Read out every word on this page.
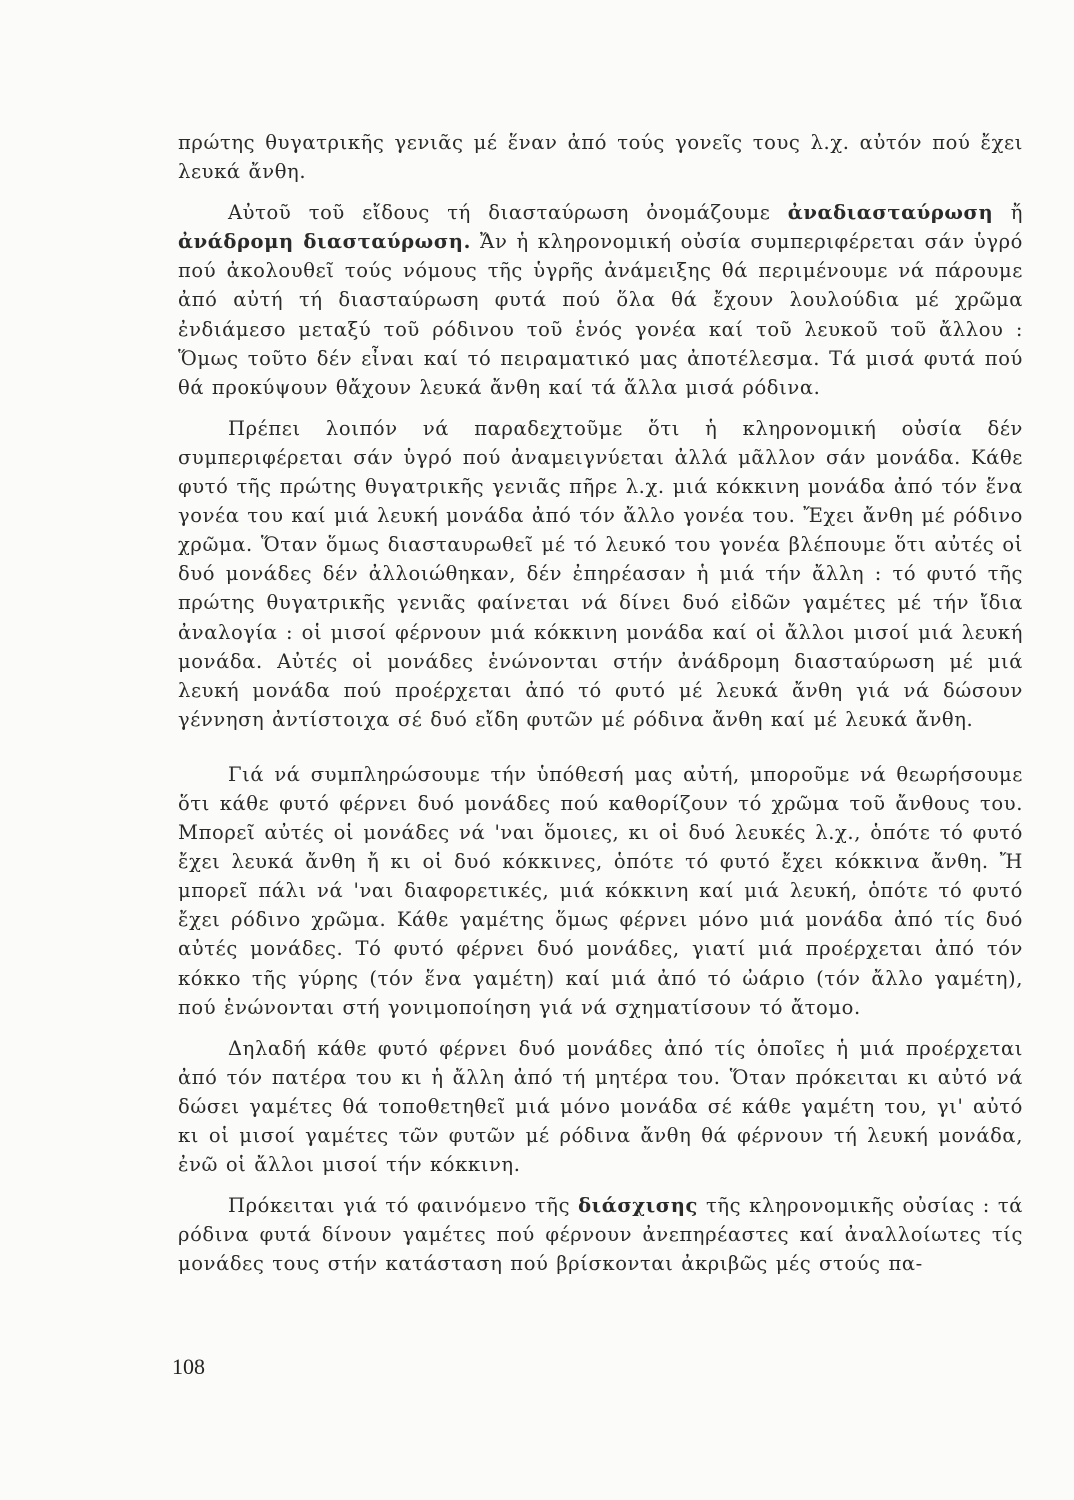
πρώτης θυγατρικῆς γενιᾶς μέ ἕναν ἀπό τούς γονεῖς τους λ.χ. αὐτόν πού ἔχει λευκά ἄνθη.

Αὐτοῦ τοῦ εἴδους τή διασταύρωση ὀνομάζουμε ἀναδιασταύρωση ἤ ἀνάδρομη διασταύρωση. Ἄν ἡ κληρονομική οὐσία συμπεριφέρεται σάν ὑγρό πού ἀκολουθεῖ τούς νόμους τῆς ὑγρῆς ἀνάμειξης θά περιμένουμε νά πάρουμε ἀπό αὐτή τή διασταύρωση φυτά πού ὅλα θά ἔχουν λουλούδια μέ χρῶμα ἐνδιάμεσο μεταξύ τοῦ ρόδινου τοῦ ἑνός γονέα καί τοῦ λευκοῦ τοῦ ἄλλου : Ὅμως τοῦτο δέν εἶναι καί τό πειραματικό μας ἀποτέλεσμα. Τά μισά φυτά πού θά προκύψουν θἄχουν λευκά ἄνθη καί τά ἄλλα μισά ρόδινα.

Πρέπει λοιπόν νά παραδεχτοῦμε ὅτι ἡ κληρονομική οὐσία δέν συμπεριφέρεται σάν ὑγρό πού ἀναμειγνύεται ἀλλά μᾶλλον σάν μονάδα. Κάθε φυτό τῆς πρώτης θυγατρικῆς γενιᾶς πῆρε λ.χ. μιά κόκκινη μονάδα ἀπό τόν ἕνα γονέα του καί μιά λευκή μονάδα ἀπό τόν ἄλλο γονέα του. Ἔχει ἄνθη μέ ρόδινο χρῶμα. Ὅταν ὅμως διασταυρωθεῖ μέ τό λευκό του γονέα βλέπουμε ὅτι αὐτές οἱ δυό μονάδες δέν ἀλλοιώθηκαν, δέν ἐπηρέασαν ἡ μιά τήν ἄλλη : τό φυτό τῆς πρώτης θυγατρικῆς γενιᾶς φαίνεται νά δίνει δυό εἰδῶν γαμέτες μέ τήν ἴδια ἀναλογία : οἱ μισοί φέρνουν μιά κόκκινη μονάδα καί οἱ ἄλλοι μισοί μιά λευκή μονάδα. Αὐτές οἱ μονάδες ἑνώνονται στήν ἀνάδρομη διασταύρωση μέ μιά λευκή μονάδα πού προέρχεται ἀπό τό φυτό μέ λευκά ἄνθη γιά νά δώσουν γέννηση ἀντίστοιχα σέ δυό εἴδη φυτῶν μέ ρόδινα ἄνθη καί μέ λευκά ἄνθη.

Γιά νά συμπληρώσουμε τήν ὑπόθεσή μας αὐτή, μποροῦμε νά θεωρήσουμε ὅτι κάθε φυτό φέρνει δυό μονάδες πού καθορίζουν τό χρῶμα τοῦ ἄνθους του. Μπορεῖ αὐτές οἱ μονάδες νά 'ναι ὅμοιες, κι οἱ δυό λευκές λ.χ., ὁπότε τό φυτό ἔχει λευκά ἄνθη ἤ κι οἱ δυό κόκκινες, ὁπότε τό φυτό ἔχει κόκκινα ἄνθη. Ἤ μπορεῖ πάλι νά 'ναι διαφορετικές, μιά κόκκινη καί μιά λευκή, ὁπότε τό φυτό ἔχει ρόδινο χρῶμα. Κάθε γαμέτης ὅμως φέρνει μόνο μιά μονάδα ἀπό τίς δυό αὐτές μονάδες. Τό φυτό φέρνει δυό μονάδες, γιατί μιά προέρχεται ἀπό τόν κόκκο τῆς γύρης (τόν ἕνα γαμέτη) καί μιά ἀπό τό ὠάριο (τόν ἄλλο γαμέτη), πού ἑνώνονται στή γονιμοποίηση γιά νά σχηματίσουν τό ἄτομο.

Δηλαδή κάθε φυτό φέρνει δυό μονάδες ἀπό τίς ὁποῖες ἡ μιά προέρχεται ἀπό τόν πατέρα του κι ἡ ἄλλη ἀπό τή μητέρα του. Ὅταν πρόκειται κι αὐτό νά δώσει γαμέτες θά τοποθετηθεῖ μιά μόνο μονάδα σέ κάθε γαμέτη του, γι' αὐτό κι οἱ μισοί γαμέτες τῶν φυτῶν μέ ρόδινα ἄνθη θά φέρνουν τή λευκή μονάδα, ἐνῶ οἱ ἄλλοι μισοί τήν κόκκινη.

Πρόκειται γιά τό φαινόμενο τῆς διάσχισης τῆς κληρονομικῆς οὐσίας : τά ρόδινα φυτά δίνουν γαμέτες πού φέρνουν ἀνεπηρέαστες καί ἀναλλοίωτες τίς μονάδες τους στήν κατάσταση πού βρίσκονται ἀκριβῶς μές στούς πα-

108
